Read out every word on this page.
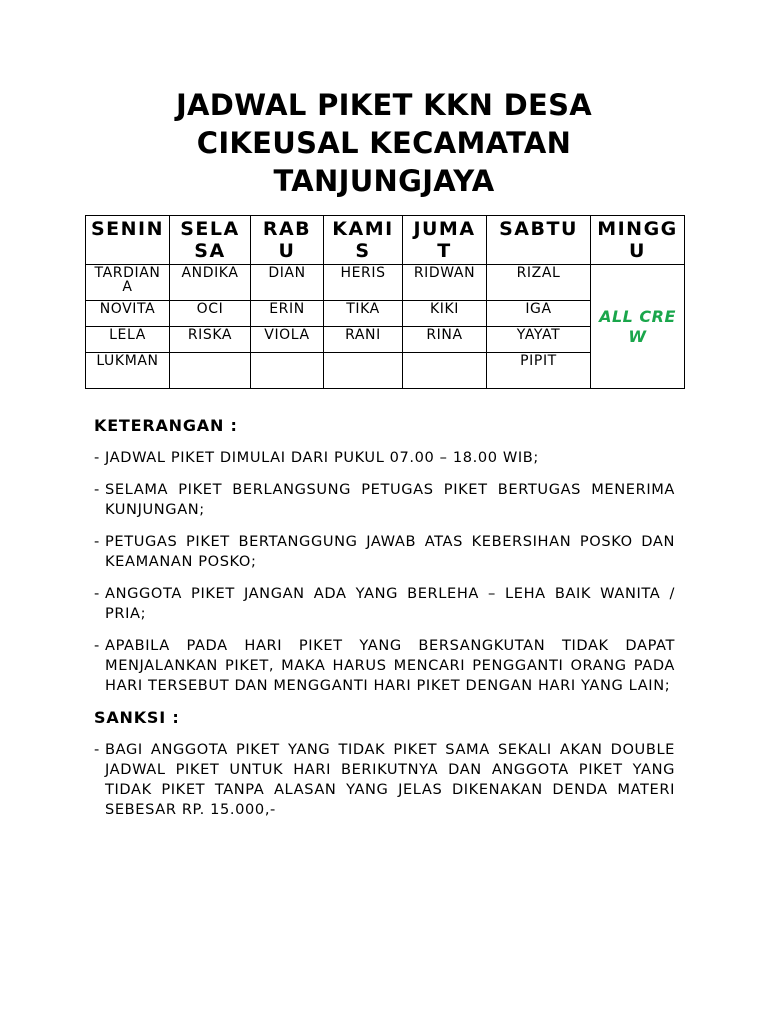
JADWAL PIKET KKN DESA CIKEUSAL KECAMATAN TANJUNGJAYA
SENIN	SELASA	RABU	KAMIS	JUMAT	SABTU	MINGGU
TARDIANA	ANDIKA	DIAN	HERIS	RIDWAN	RIZAL	ALL CREW
NOVITA	OCI	ERIN	TIKA	KIKI	IGA	
LELA	RISKA	VIOLA	RANI	RINA	YAYAT	
LUKMAN					PIPIT	
KETERANGAN :
- JADWAL PIKET DIMULAI DARI PUKUL 07.00 – 18.00 WIB;
- SELAMA PIKET BERLANGSUNG PETUGAS PIKET BERTUGAS MENERIMA KUNJUNGAN;
- PETUGAS PIKET BERTANGGUNG JAWAB ATAS KEBERSIHAN POSKO DAN KEAMANAN POSKO;
- ANGGOTA PIKET JANGAN ADA YANG BERLEHA – LEHA BAIK WANITA / PRIA;
- APABILA PADA HARI PIKET YANG BERSANGKUTAN TIDAK DAPAT MENJALANKAN PIKET, MAKA HARUS MENCARI PENGGANTI ORANG PADA HARI TERSEBUT DAN MENGGANTI HARI PIKET DENGAN HARI YANG LAIN;
SANKSI :
- BAGI ANGGOTA PIKET YANG TIDAK PIKET SAMA SEKALI AKAN DOUBLE JADWAL PIKET UNTUK HARI BERIKUTNYA DAN ANGGOTA PIKET YANG TIDAK PIKET TANPA ALASAN YANG JELAS DIKENAKAN DENDA MATERI SEBESAR RP. 15.000,-
